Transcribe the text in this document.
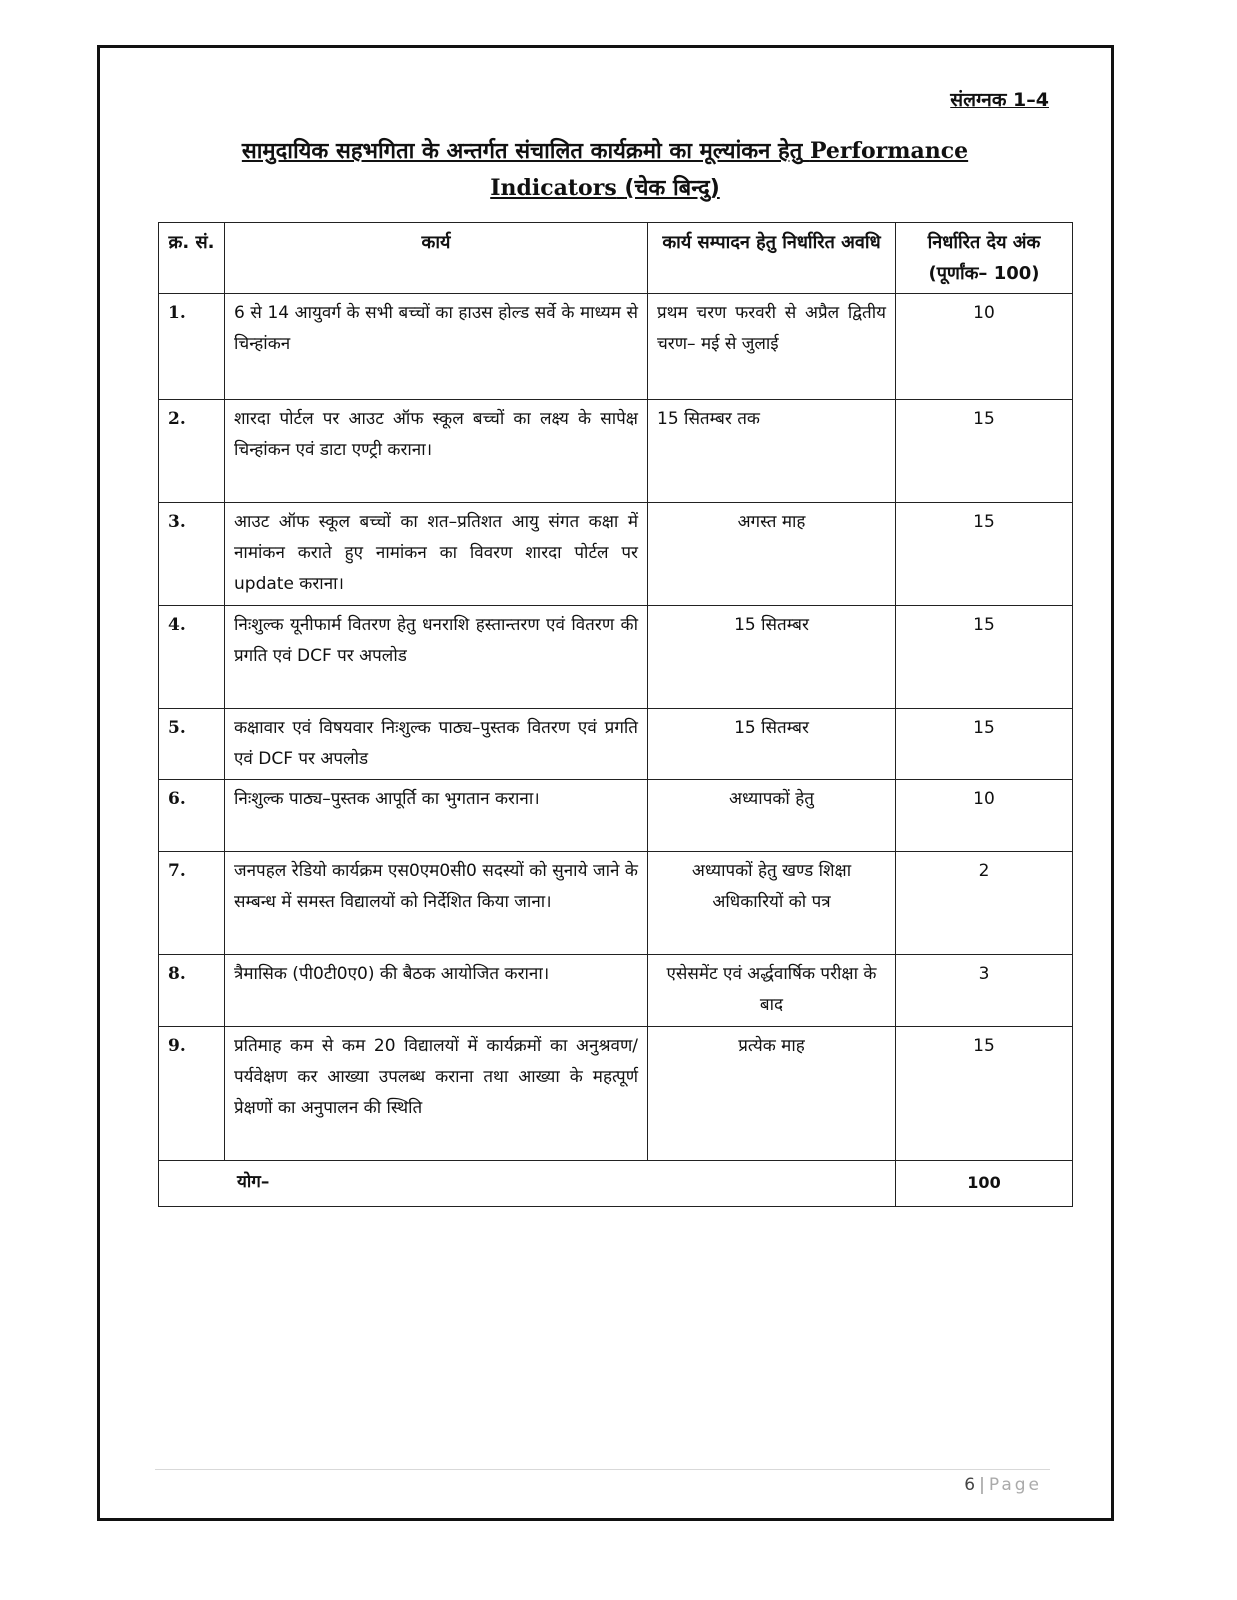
संलग्नक 1–4
सामुदायिक सहभगिता के अन्तर्गत संचालित कार्यक्रमो का मूल्यांकन हेतु Performance
Indicators (चेक बिन्दु)
क्र. सं.	कार्य	कार्य सम्पादन हेतु निर्धारित अवधि	निर्धारित देय अंक (पूर्णांक– 100)
1.	6 से 14 आयुवर्ग के सभी बच्चों का हाउस होल्ड सर्वे के माध्यम से चिन्हांकन	प्रथम चरण फरवरी से अप्रैल द्वितीय चरण– मई से जुलाई	10
2.	शारदा पोर्टल पर आउट ऑफ स्कूल बच्चों का लक्ष्य के सापेक्ष चिन्हांकन एवं डाटा एण्ट्री कराना।	15 सितम्बर तक	15
3.	आउट ऑफ स्कूल बच्चों का शत–प्रतिशत आयु संगत कक्षा में नामांकन कराते हुए नामांकन का विवरण शारदा पोर्टल पर update कराना।	अगस्त माह	15
4.	निःशुल्क यूनीफार्म वितरण हेतु धनराशि हस्तान्तरण एवं वितरण की प्रगति एवं DCF पर अपलोड	15 सितम्बर	15
5.	कक्षावार एवं विषयवार निःशुल्क पाठ्य–पुस्तक वितरण एवं प्रगति एवं DCF पर अपलोड	15 सितम्बर	15
6.	निःशुल्क पाठ्य–पुस्तक आपूर्ति का भुगतान कराना।	अध्यापकों हेतु	10
7.	जनपहल रेडियो कार्यक्रम एस0एम0सी0 सदस्यों को सुनाये जाने के सम्बन्ध में समस्त विद्यालयों को निर्देशित किया जाना।	अध्यापकों हेतु खण्ड शिक्षा अधिकारियों को पत्र	2
8.	त्रैमासिक (पी0टी0ए0) की बैठक आयोजित कराना।	एसेसमेंट एवं अर्द्धवार्षिक परीक्षा के बाद	3
9.	प्रतिमाह कम से कम 20 विद्यालयों में कार्यक्रमों का अनुश्रवण/पर्यवेक्षण कर आख्या उपलब्ध कराना तथा आख्या के महत्पूर्ण प्रेक्षणों का अनुपालन की स्थिति	प्रत्येक माह	15
योग–			100
6 | Page
